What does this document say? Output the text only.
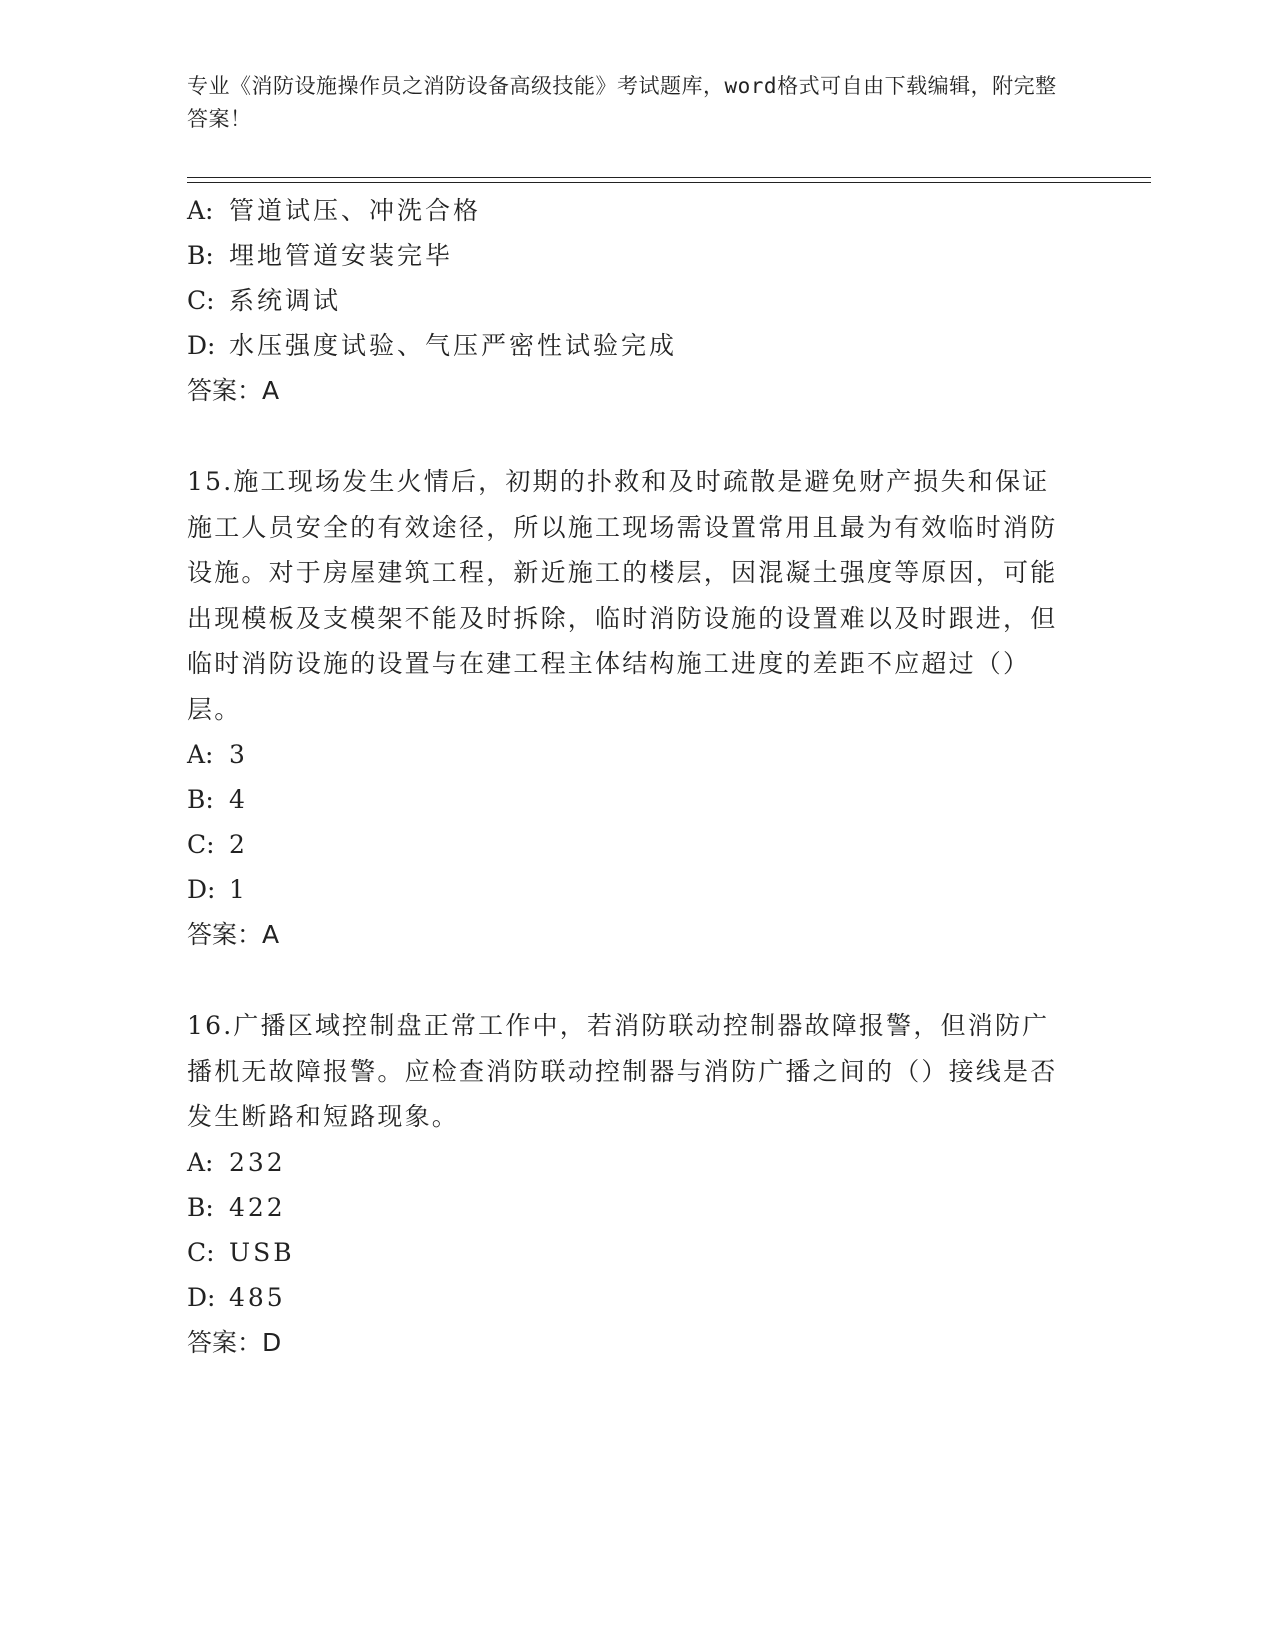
专业《消防设施操作员之消防设备高级技能》考试题库，word格式可自由下载编辑，附完整答案！
A: 管道试压、冲洗合格
B: 埋地管道安装完毕
C: 系统调试
D: 水压强度试验、气压严密性试验完成
答案：A
15.施工现场发生火情后，初期的扑救和及时疏散是避免财产损失和保证施工人员安全的有效途径，所以施工现场需设置常用且最为有效临时消防设施。对于房屋建筑工程，新近施工的楼层，因混凝土强度等原因，可能出现模板及支模架不能及时拆除，临时消防设施的设置难以及时跟进，但临时消防设施的设置与在建工程主体结构施工进度的差距不应超过（）层。
A: 3
B: 4
C: 2
D: 1
答案：A
16.广播区域控制盘正常工作中，若消防联动控制器故障报警，但消防广播机无故障报警。应检查消防联动控制器与消防广播之间的（）接线是否发生断路和短路现象。
A: 232
B: 422
C: USB
D: 485
答案：D
